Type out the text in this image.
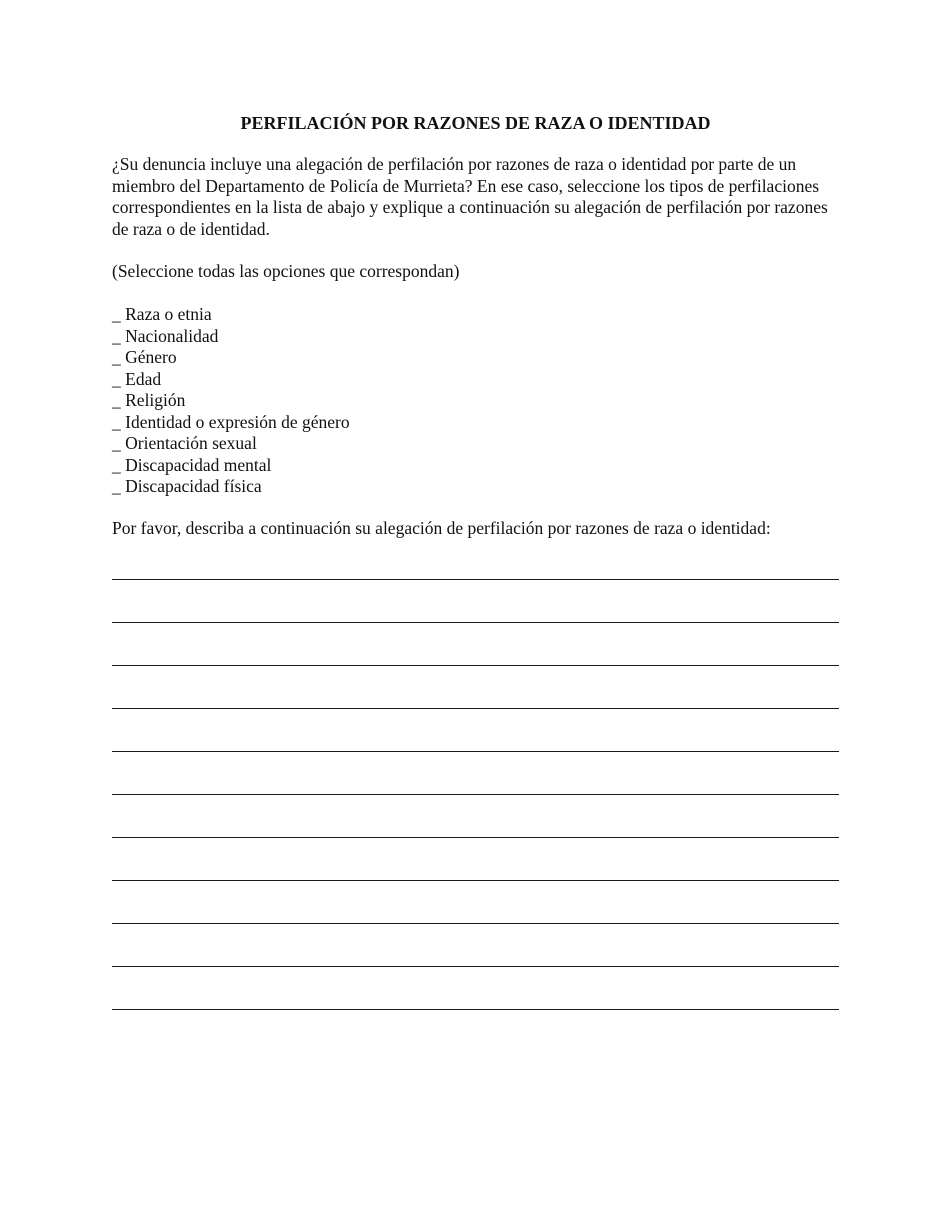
PERFILACIÓN POR RAZONES DE RAZA O IDENTIDAD

¿Su denuncia incluye una alegación de perfilación por razones de raza o identidad por parte de un miembro del Departamento de Policía de Murrieta? En ese caso, seleccione los tipos de perfilaciones correspondientes en la lista de abajo y explique a continuación su alegación de perfilación por razones de raza o de identidad.

(Seleccione todas las opciones que correspondan)

_ Raza o etnia
_ Nacionalidad
_ Género
_ Edad
_ Religión
_ Identidad o expresión de género
_ Orientación sexual
_ Discapacidad mental
_ Discapacidad física

Por favor, describa a continuación su alegación de perfilación por razones de raza o identidad:
